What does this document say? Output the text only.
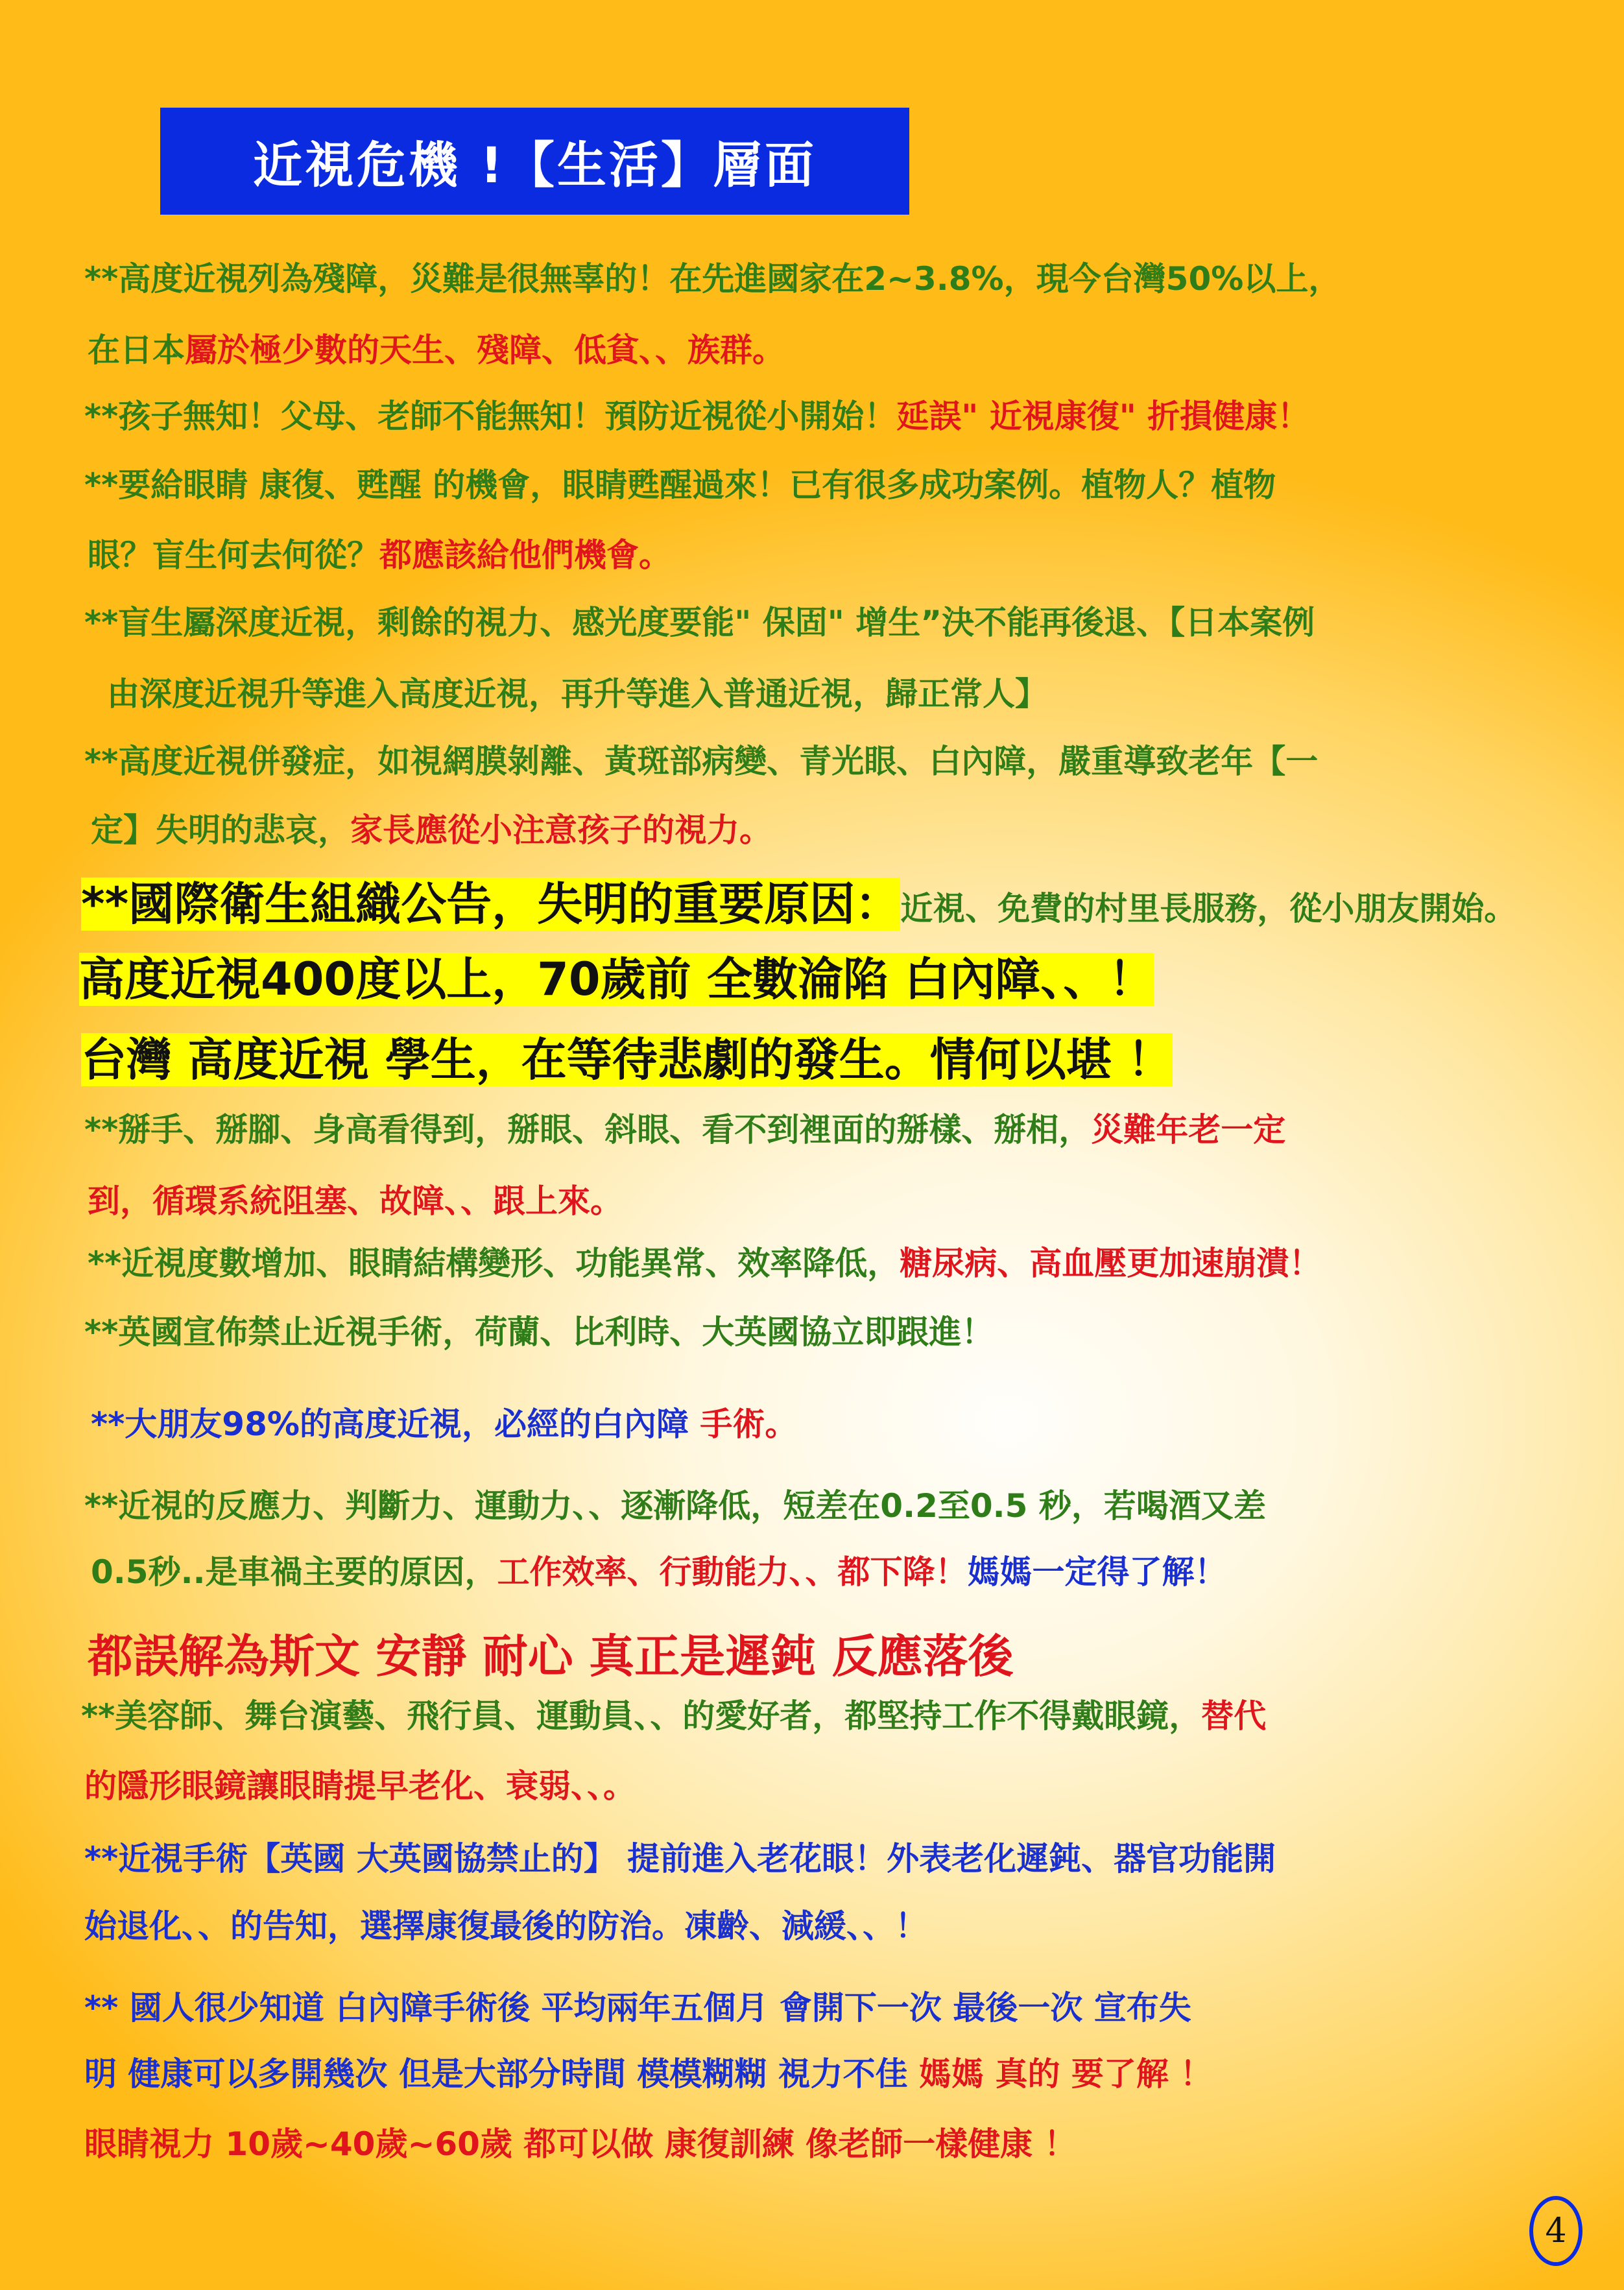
近視危機 !【生活】層面
**高度近視列為殘障，災難是很無辜的！在先進國家在2~3.8%，現今台灣50%以上，
在日本屬於極少數的天生、殘障、低貧、、族群。
**孩子無知！父母、老師不能無知！預防近視從小開始！延誤" 近視康復" 折損健康！
**要給眼睛 康復、甦醒 的機會，眼睛甦醒過來！已有很多成功案例。植物人？植物
眼？盲生何去何從？都應該給他們機會。
**盲生屬深度近視，剩餘的視力、感光度要能" 保固" 增生”決不能再後退、【日本案例
由深度近視升等進入高度近視，再升等進入普通近視，歸正常人】
**高度近視併發症，如視網膜剝離、黃斑部病變、青光眼、白內障，嚴重導致老年【一
定】失明的悲哀，家長應從小注意孩子的視力。
**國際衛生組織公告，失明的重要原因：近視、免費的村里長服務，從小朋友開始。
高度近視400度以上，70歲前 全數淪陷 白內障、、！
台灣 高度近視 學生，在等待悲劇的發生。情何以堪 ！
**掰手、掰腳、身高看得到，掰眼、斜眼、看不到裡面的掰樣、掰相，災難年老一定
到，循環系統阻塞、故障、、跟上來。
**近視度數增加、眼睛結構變形、功能異常、效率降低，糖尿病、高血壓更加速崩潰！
**英國宣佈禁止近視手術，荷蘭、比利時、大英國協立即跟進！
**大朋友98%的高度近視，必經的白內障 手術。
**近視的反應力、判斷力、運動力、、逐漸降低，短差在0.2至0.5 秒，若喝酒又差
0.5秒..是車禍主要的原因，工作效率、行動能力、、都下降！媽媽一定得了解！
都誤解為斯文 安靜 耐心 真正是遲鈍 反應落後
**美容師、舞台演藝、飛行員、運動員、、的愛好者，都堅持工作不得戴眼鏡，替代
的隱形眼鏡讓眼睛提早老化、衰弱、、。
**近視手術【英國 大英國協禁止的】 提前進入老花眼！外表老化遲鈍、器官功能開
始退化、、的告知，選擇康復最後的防治。凍齡、減緩、、！
** 國人很少知道 白內障手術後 平均兩年五個月 會開下一次 最後一次 宣布失
明 健康可以多開幾次 但是大部分時間 模模糊糊 視力不佳 媽媽 真的 要了解 ！
眼睛視力 10歲~40歲~60歲 都可以做 康復訓練 像老師一樣健康 ！
4
